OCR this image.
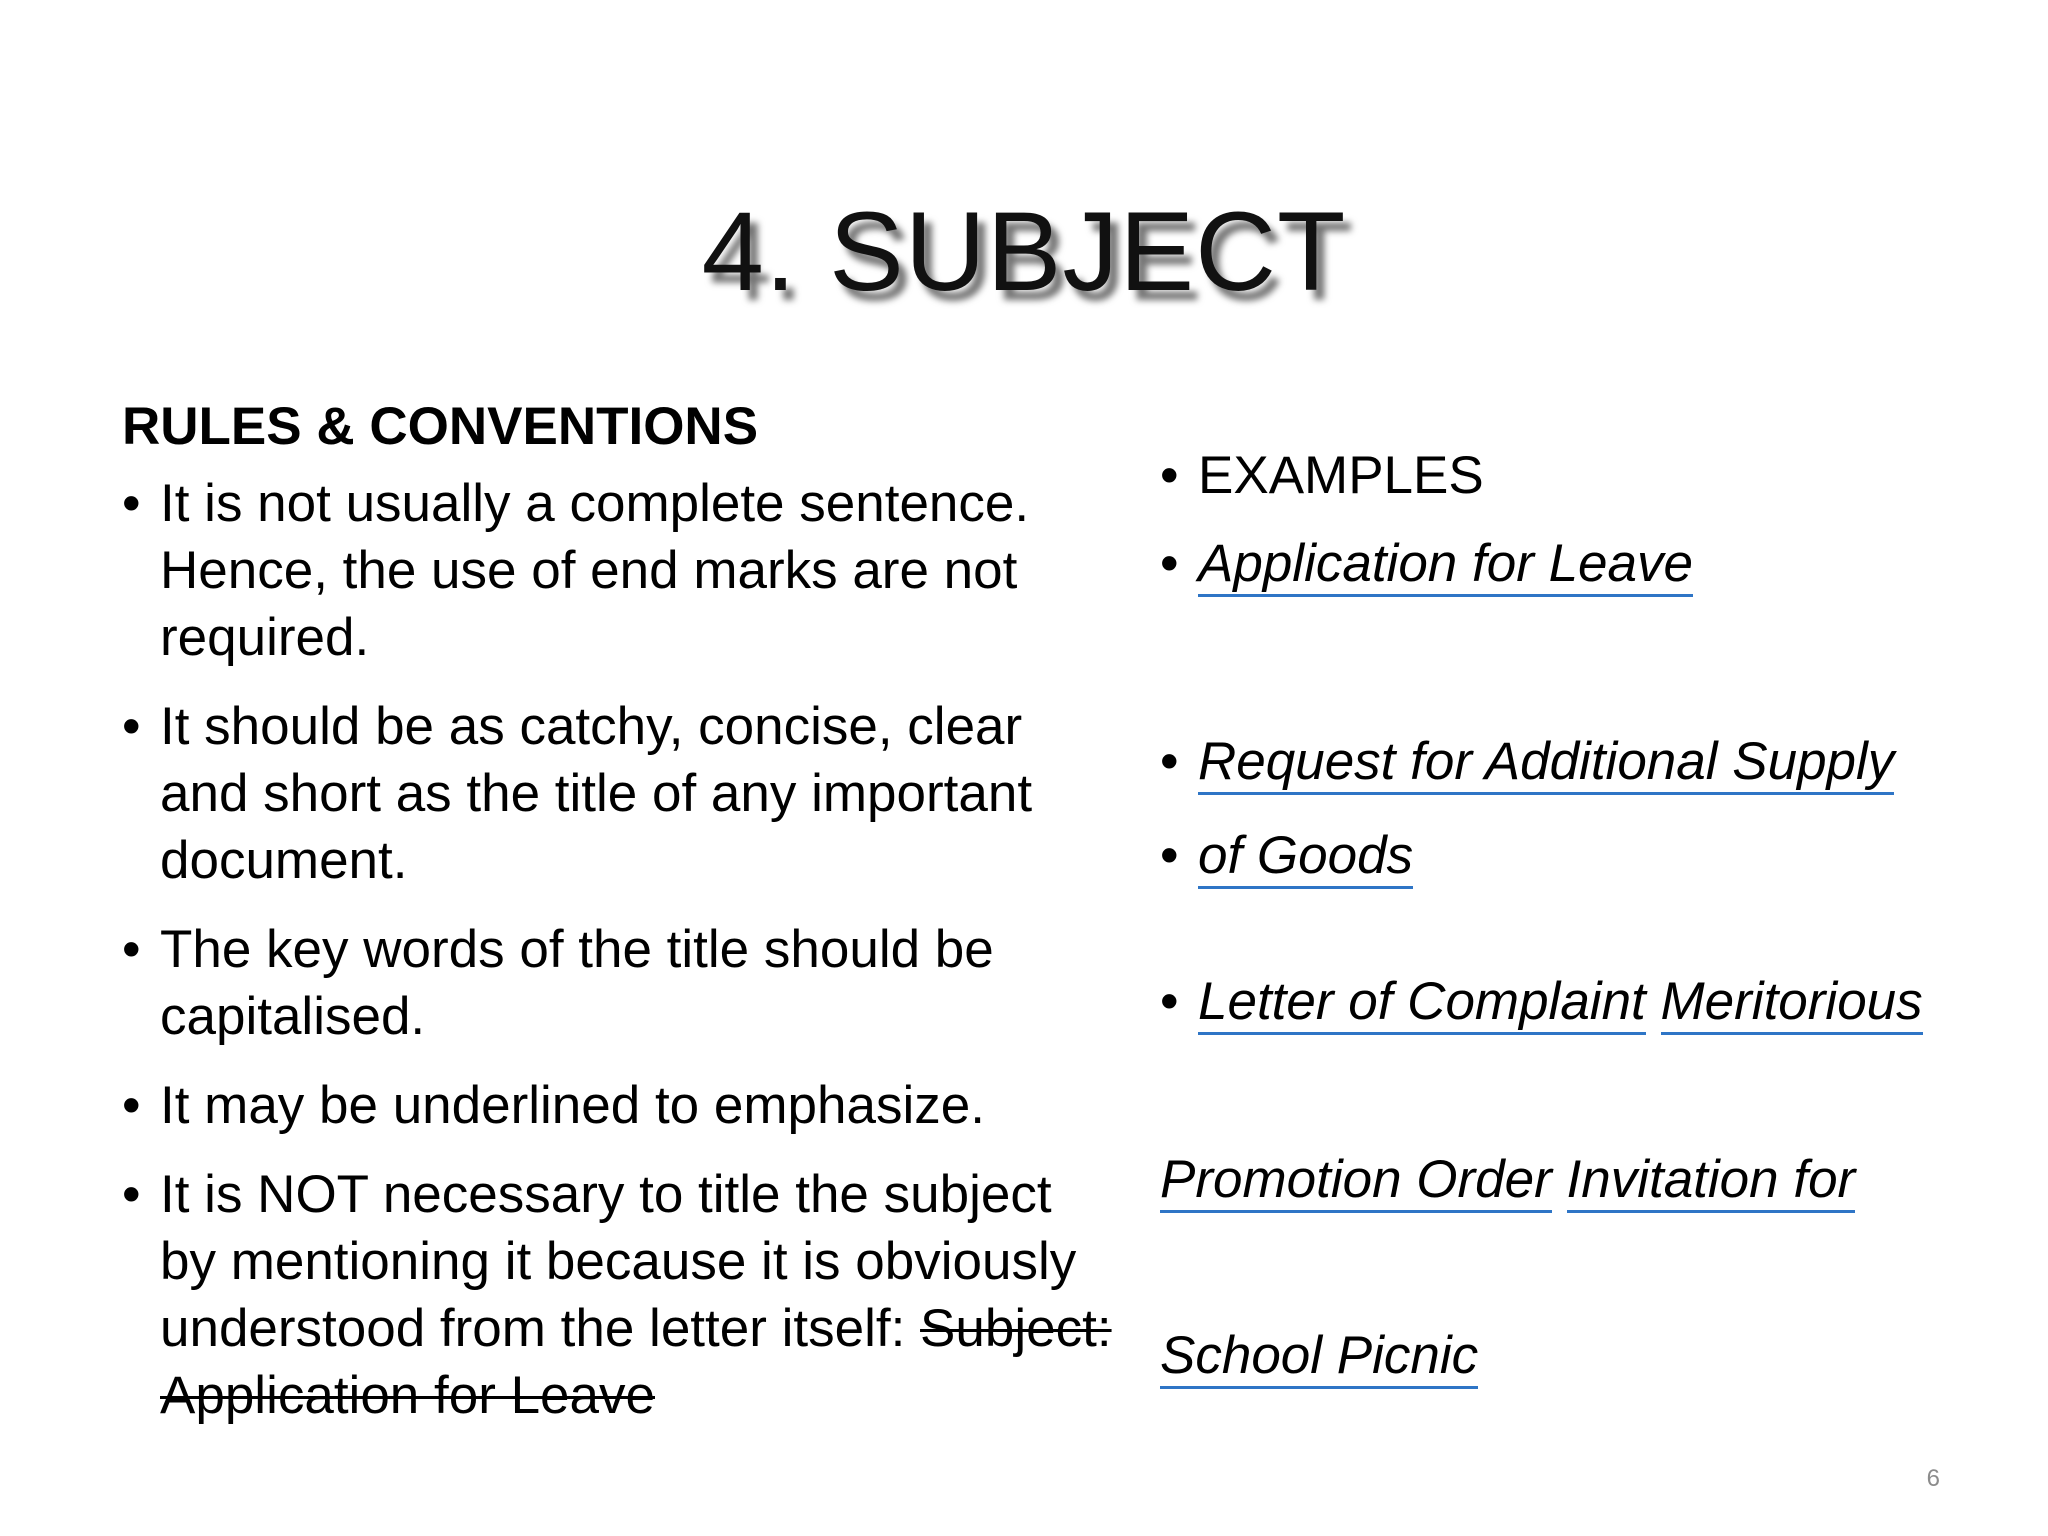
4. SUBJECT
RULES & CONVENTIONS
• It is not usually a complete sentence. Hence, the use of end marks are not required.
• It should be as catchy, concise, clear and short as the title of any important document.
• The key words of the title should be capitalised.
• It may be underlined to emphasize.
• It is NOT necessary to title the subject by mentioning it because it is obviously understood from the letter itself: Subject: Application for Leave
• EXAMPLES
• Application for Leave
• Request for Additional Supply
• of Goods
• Letter of Complaint Meritorious
Promotion Order Invitation for
School Picnic
6
